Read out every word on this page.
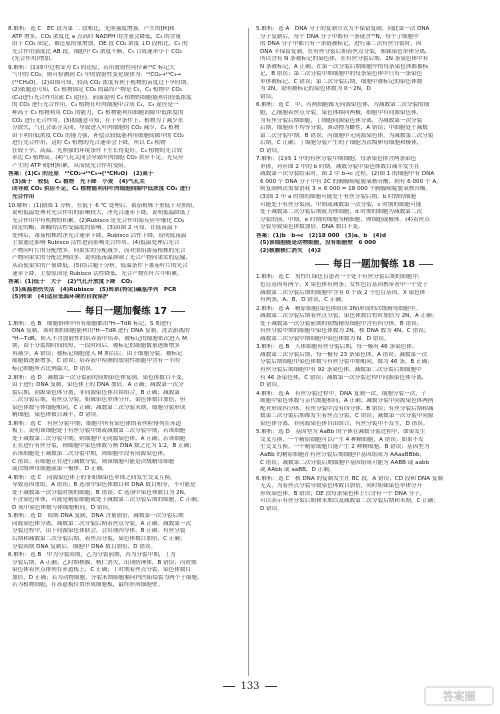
8.解析：选 C　EC 段为第 二 段相比，光照强度增强，产生的[H]和
ATP 增多，CO₂ 浓度比 a 点高时 NADPH 的含量会降低，C₃ 的含量
由于 CO₂ 固定，被还原的量增加，DE 段 CO₂ 浓度 ↓D 段相比，C₅ 的
光合作用强度比 AB 段，细胞中 C₅ 浓度不断，C₅ 合成速率小于 CO₂
(光合作用)增加。
9.解析：(1)图中过程①为 C₃ 的还原，若用放射性同位素¹⁴C 标记大
气中的 CO₂，则可检测到 C₃ 中的放射性变化规律为：¹⁴CO₂→¹⁴C₃→
(¹⁴CH₂O)。(2)由图可知，较高 CO₂ 浓度有利于植物幼苗度过干旱时期。
(2)依题意可知，C₃ 植物固定 CO₂ 的最终产物是 C₃，C₄ 植物中 CO₂
(C₄)进行光合作用(或 C₃ 途径)。前面说明 C₄ 植物的细胞能利用较低浓度
的 CO₂ 进行光合作用，C₄ 植物在叶肉细胞中合成 C₄，C₄ 途径是一
种高于 C₃ 植物利用 CO₂ 的能力，C₄ 植物能利用细胞间隙中低浓度的
CO₂ 进行光合作用。(3)据题意可知，在干旱条件下，植物为了减少水
分散失，气孔会部分关闭，导致进入叶肉细胞的 CO₂ 减少，C₄ 植物
由于利用低浓度 CO₂ 的能力强，补偿点较低能利用细胞间隙中的 CO₂
进行光合作用，这时 C₃ 植物的光合速率会下降，所以 C₄ 植物
在较干旱、高温、光照强的环境条件下生长得更好，C₄ 植物的光合效
率比 C₃ 植物高。(4)气孔关闭会导致叶肉细胞 CO₂ 供应不足，光反应
产生的 ATP 和[H]积累，从而使光合作用受阻。
答案：(1)C₅ 的还原　¹⁴CO₂→¹⁴C₃→(¹⁴CH₂O)　(2)高于
(3)高于　较低　C₄ 植物　光下降　小麦　(4)气孔关
闭导致 CO₂ 供应不足，C₄ 植物能利用叶肉细胞间隙中低浓度 CO₂ 进行
光合作用
10.解析：(1)据图 1 分析，在低于 6 ℃ 处理后，番茄植株干重低于对照组，
说明低温处理对光合作用的影响较大，净光合速率下降，说明低温降低了
光合作用中有机物的积累。(2)Rubisco 是光合作用暗反应中催化 CO₂
固定的酶，该酶的活性受温度的影响。(3)由图 2 可知，在低夜温下
处理后，番茄植株的净光合速率下降，Rubisco 活性下降，说明低夜温
主要通过影响 Rubisco 活性进而影响光合作用。(4)低温处理后光合
产物向叶片的分配增多，向果实的分配减少，而对照组番茄植株的光合
产物向果实的分配比例较多，说明低夜温抑制了光合产物向果实的运输，
从而使果实的产量降低。(5)结合题干分析，低温条件下番茄叶片的光合
速率下降，主要原因是 Rubisco 活性降低、光合产物在叶片中积累。
答案：(1)低于　大于　(2)气孔开放度下降　CO₂
(3)高温损伤失活　(4)Rubisco　(5)转录(特定)碱基序列　PCR
(5)转录　(4)适应低温环境的自我保护
每日一题加餐练 17
1.解析：选 B　细胞群体中所有细胞都用³H—TdR 标记，S 期进行
DNA 复制，该时期的细胞能利用³H—TdR 进行 DNA 复制，洗去游离的
³H—TdR，转入不含放射性的培养液中培养，被标记的细胞依次进入 M
期，由于分裂期时间较短，一段时间后，被标记的细胞数量逐渐增多
再减少。A 错误；被标记细胞进入 M 期以后，由于细胞分裂，被标记
细胞数逐渐增多，C 错误；培养液中检测的放射性细胞中含有一半的
标记细胞所占比例最大，D 错误。
2.解析：选 D　减数第一次分裂前的间期染色体复制，染色体数目不变，
由于进行 DNA 复制，染色体上的 DNA 加倍，A 正确；减数第一次分
裂后期，同源染色体分离，非同源染色体自由组合，B 正确；减数第
二次分裂后期，着丝点分裂，姐妹染色单体分开，染色体数目加倍，但
染色体数与体细胞相同，C 正确；减数第二次分裂末期，细胞分裂形成
精细胞，染色体数目减半，D 错误。
3.解析：选 C　有丝分裂中期，细胞中所有染色体的着丝粒排列在赤道
板上，说明该细胞处于有丝分裂中期或减数第二次分裂中期，若该细胞
处于减数第二次分裂中期，则细胞中无同源染色体，A 正确；若该细胞
正在进行有丝分裂，则细胞中染色体数与核 DNA 数之比为 1∶2，B 正确；
若该细胞处于减数第二次分裂中期，则细胞中没有同源染色体，
C 错误；若细胞正在进行减数分裂，则该细胞可能是次级精母细胞
或次级卵母细胞或第一极体，D 正确。
4.解析：选 C　同源染色体上的非姐妹染色单体之间发生交叉互换，
导致基因重组，A 错误；B 选项中染色体数目和 DNA 数目相等，不可能是
处于减数第一次分裂时期的细胞，B 错误；C 选项中染色体数目为 2N，
不含染色单体，可能是精原细胞或处于减数第二次分裂后期的细胞，C 正确；
D 项中染色体数与体细胞相同，D 错误。
5.解析：选 D　间期 DNA 复制，DNA 含量加倍，减数第一次分裂后期
同源染色体分离，减数第二次分裂后期着丝点分裂，A 正确；减数第一次
分裂过程中，由于同源染色体联会，会出现四分体，B 正确；有丝分裂
后期和减数第二次分裂后期，着丝点分裂，染色体数目加倍，C 正确；
分裂间期 DNA 复制后，细胞中 DNA 数目加倍，D 错误。
6.解析：选 B　甲为分裂间期，乙为分裂前期，丙为分裂中期，丁为
分裂后期，A 正确；乙时期核膜、核仁消失，出现纺锤体，B 错误；丙时期
染色体着丝点排列在赤道板上，C 正确；丁时期着丝点分裂，染色体数目
加倍，D 正确；若为动物细胞，分裂末期细胞膜向内凹陷缢裂为两个子细胞，
若为植物细胞，在赤道板位置形成细胞板，最终形成细胞壁。
5.解析：选 A　DNA 分子的复制方式为半保留复制，因此第一次 DNA
分子复制后，每个 DNA 分子中都有一条链含¹⁵N，每个子细胞中
的 DNA 分子中都只有一条链被标记，进行第二次有丝分裂时，因
DNA 半保留复制，在有丝分裂后期着丝点分裂，姐妹染色单体分离，
所以含有 N 条被标记的染色体，在有丝分裂后期，2N 条染色体中有
N 条被标记，A 正确；在第一次分裂后期细胞中的每条染色体都被标
记，B 错误；第二次分裂中期细胞中的每条染色体中只有一条染色
单体被标记，C 错误；第二次分裂后期，细胞中被标记的染色体数
为 2N，说明被标记的染色体数为 0～2N，D
错误。
6.解析：选 C　甲、丙两细胞都无同源染色体，为减数第二次分裂的细
胞，乙细胞着丝点分裂，染色体移向两极，细胞中有同源染色体，
为有丝分裂后期细胞，丁细胞同源染色体分离，为减数第一次分裂
后期，细胞质不均等分裂，该动物为雌性，A 错误；甲细胞处于减数
第二次分裂中期，B 错误；丙细胞中无同源染色体，为减数第二次分裂
后期，C 正确；丁细胞分裂产生的子细胞为次级卵母细胞和极体，
D 错误。
7.解析：(1)图 1 中的有丝分裂中期细胞，每条染色体含两条染色
单体，对应图 2 中的 b 时期，减数分裂中染色体数目减半发生在
减数第一次分裂结束时，图 2 中 b→c 过程。(2)图 1 的细胞中有 DNA
6 000 个 DNA 分子中有 2C 的胸腺嘧啶脱氧核苷酸，则有 6 000 个 A，
则复制两次需要消耗 3 × 6 000 = 18 000 个胸腺嘧啶脱氧核苷酸。
(3)图 2 中 a 时期的细胞可能处于有丝分裂后期，b 时期的细胞
可能处于有丝分裂前、中期或减数第一次分裂，c 时期的细胞可能
处于减数第二次分裂后期或为体细胞，d 时期的细胞为减数第二次
分裂的前、中期，e 时期的细胞为精细胞、卵细胞或极体。(4)着丝点
分裂导致染色体数加倍，DNA 数目不变。
答案：(1)b　b→c　(2)18 000　(3)a、b　(4)d
(5)该细胞能是动物细胞，没有细胞壁　6 000
(2)核膜核仁消失　(4)2
每日一题加餐练 18
1.解析：选 C　男性红绿色盲患者一个处于有丝分裂后期的细胞中，
色盲基因有两个，X 染色体有两条；女性色盲基因携带者中一个处于
减数第二次分裂后期的细胞中含有 0 个或 2 个色盲基因，X 染色体
有两条，A、B、D 错误，C 正确。
2.解析：选 A　精原细胞(染色体组成 2N)形成的次级精母细胞中，
减数第二次分裂后期着丝点分裂，染色体数目暂时加倍为 2N，A 正确；
处于减数第一次分裂前期的初级精母细胞中含有四分体，B 错误；
有丝分裂中期的细胞中染色体数为 2N，核 DNA 数为 4N，C 错误；
减数第二次分裂中期细胞中染色体数为 N，D 错误。
3.解析：选 B　人体细胞有丝分裂后期，每一极有 46 条染色体，
减数第二次分裂后期，每一极有 23 条染色体，A 错误；减数第一次
分裂后期细胞中染色体数与有丝分裂中期相同，都为 46 条，B 正确；
有丝分裂后期细胞中有 92 条染色体，减数第二次分裂后期细胞中
有 46 条染色体，C 错误；减数第一次分裂过程中同源染色体分离，
D 错误。
4.解析：选 A　有丝分裂过程中，DNA 复制一次，细胞分裂一次，子
细胞中染色体数与亲代细胞相同，A 正确；减数分裂中同源染色体两两
配对形成四分体，有丝分裂中没有四分体，B 错误；有丝分裂后期和减
数第二次分裂后期都发生着丝点分裂，C 错误；减数第一次分裂中同源
染色体分离，非同源染色体自由组合，有丝分裂中不发生，D 错误。
5.解析：选 D　基因型为 AaBb 的个体在减数分裂过程中，如果发生
交叉互换，一个精原细胞可以产生 4 种精细胞，A 错误；如果不发
生交叉互换，一个精原细胞只能产生 2 种精细胞，B 错误；基因型为
AaBb 的精原细胞在有丝分裂后期细胞中基因组成为 AAaaBBbb，
C 错误；减数第二次分裂后期细胞中基因组成可能为 AABB 或 aabb
或 AAbb 或 aaBB，D 正确。
6.解析：选 C　核 DNA 的复制发生在 BC 段，A 错误；CD 段和 DNA 复制
无关，为着丝点分裂导致染色体数目加倍，同时姐妹染色单体分开
形成染色体，B 错误；DE 段每条染色体上只含有一个 DNA 分子，
可以表示有丝分裂后期和末期以及减数第二次分裂后期和末期，C 正确；
D 错误。
133
答案圈
